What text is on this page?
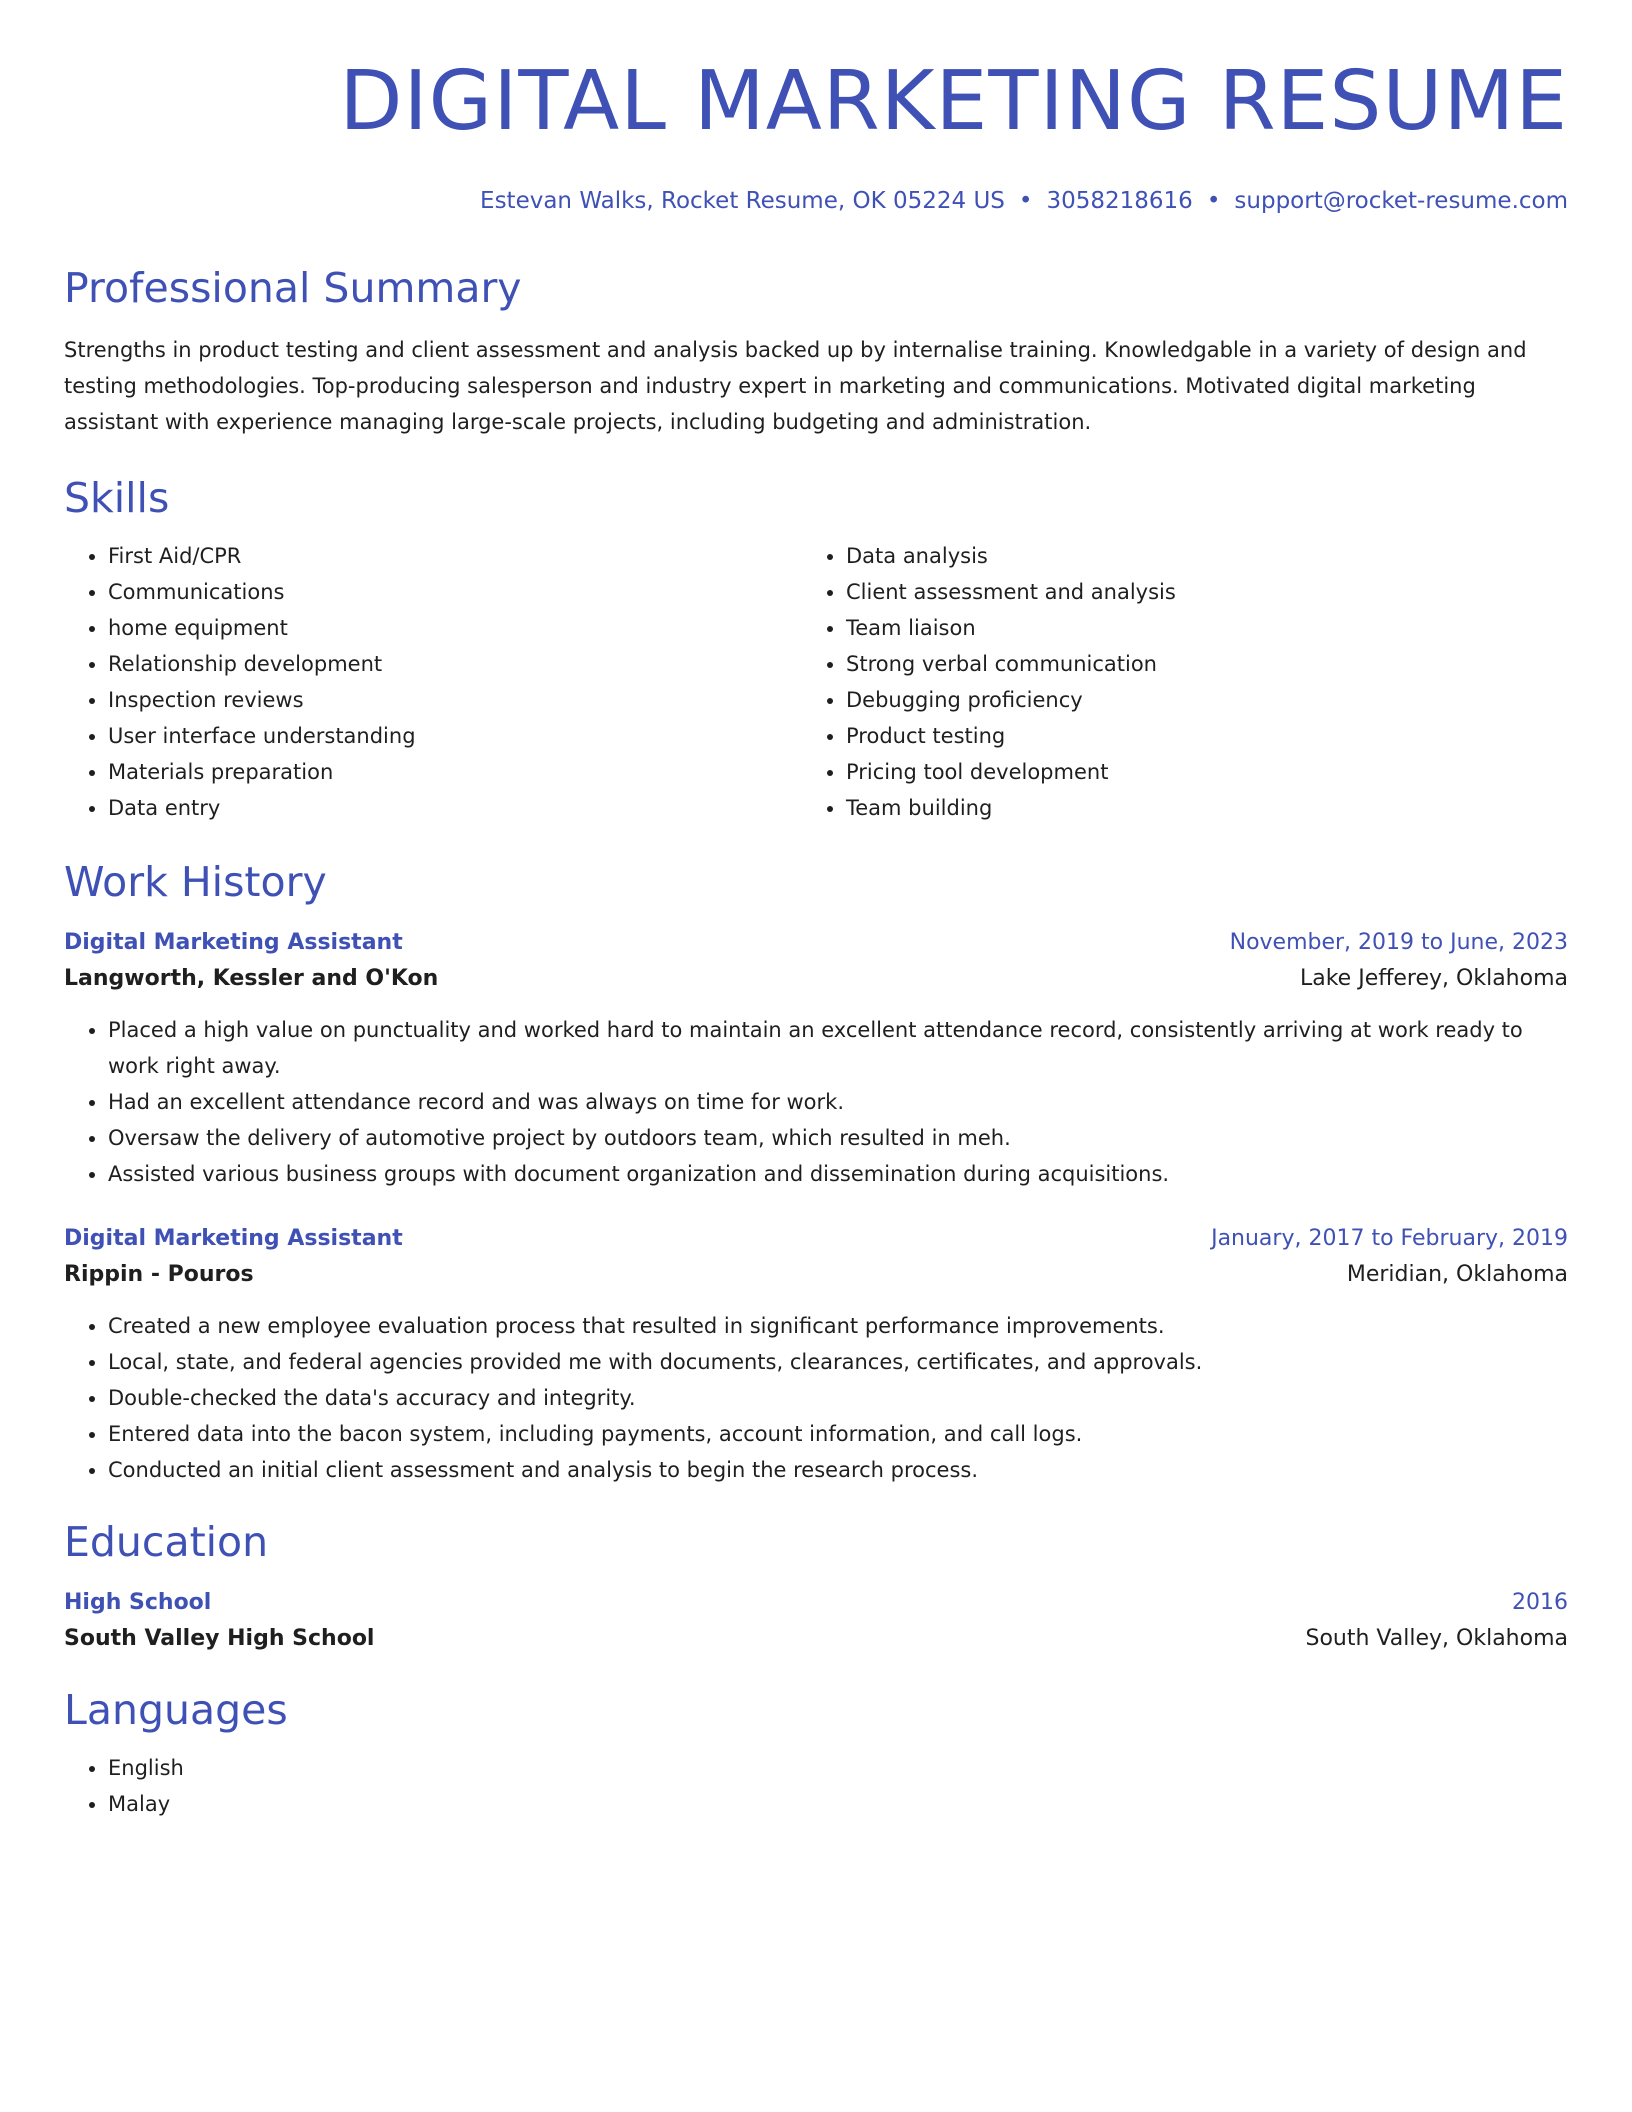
DIGITAL MARKETING RESUME
Estevan Walks, Rocket Resume, OK 05224 US • 3058218616 • support@rocket-resume.com
Professional Summary
Strengths in product testing and client assessment and analysis backed up by internalise training. Knowledgable in a variety of design and testing methodologies. Top-producing salesperson and industry expert in marketing and communications. Motivated digital marketing assistant with experience managing large-scale projects, including budgeting and administration.
Skills
• First Aid/CPR
• Communications
• home equipment
• Relationship development
• Inspection reviews
• User interface understanding
• Materials preparation
• Data entry
• Data analysis
• Client assessment and analysis
• Team liaison
• Strong verbal communication
• Debugging proficiency
• Product testing
• Pricing tool development
• Team building
Work History
Digital Marketing Assistant	November, 2019 to June, 2023
Langworth, Kessler and O'Kon	Lake Jefferey, Oklahoma
• Placed a high value on punctuality and worked hard to maintain an excellent attendance record, consistently arriving at work ready to work right away.
• Had an excellent attendance record and was always on time for work.
• Oversaw the delivery of automotive project by outdoors team, which resulted in meh.
• Assisted various business groups with document organization and dissemination during acquisitions.
Digital Marketing Assistant	January, 2017 to February, 2019
Rippin - Pouros	Meridian, Oklahoma
• Created a new employee evaluation process that resulted in significant performance improvements.
• Local, state, and federal agencies provided me with documents, clearances, certificates, and approvals.
• Double-checked the data's accuracy and integrity.
• Entered data into the bacon system, including payments, account information, and call logs.
• Conducted an initial client assessment and analysis to begin the research process.
Education
High School	2016
South Valley High School	South Valley, Oklahoma
Languages
• English
• Malay
